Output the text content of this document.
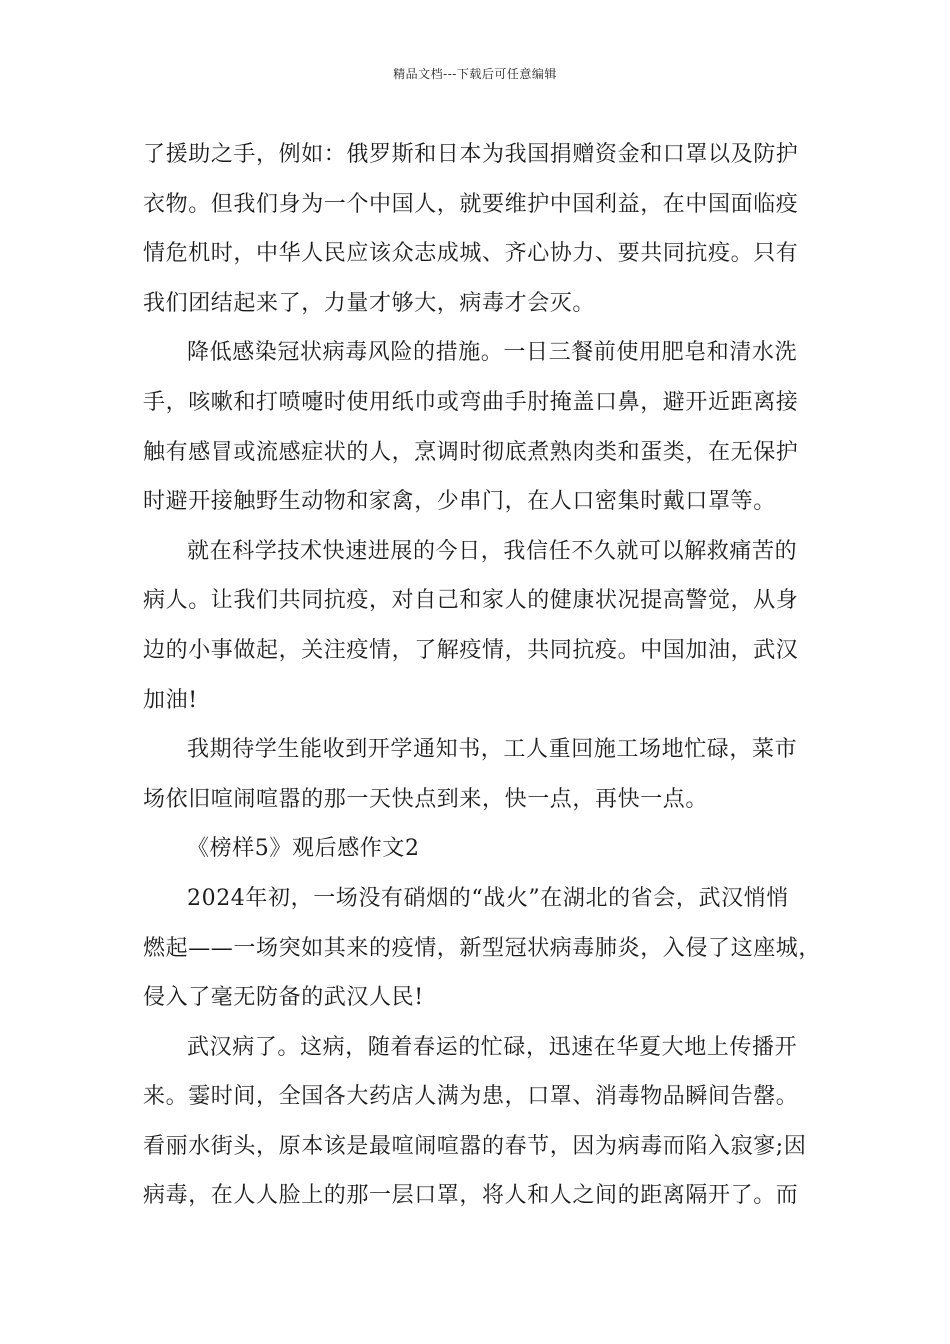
精品文档---下载后可任意编辑
了援助之手，例如：俄罗斯和日本为我国捐赠资金和口罩以及防护
衣物。但我们身为一个中国人，就要维护中国利益，在中国面临疫
情危机时，中华人民应该众志成城、齐心协力、要共同抗疫。只有
我们团结起来了，力量才够大，病毒才会灭。
降低感染冠状病毒风险的措施。一日三餐前使用肥皂和清水洗
手，咳嗽和打喷嚏时使用纸巾或弯曲手肘掩盖口鼻，避开近距离接
触有感冒或流感症状的人，烹调时彻底煮熟肉类和蛋类，在无保护
时避开接触野生动物和家禽，少串门，在人口密集时戴口罩等。
就在科学技术快速进展的今日，我信任不久就可以解救痛苦的
病人。让我们共同抗疫，对自己和家人的健康状况提高警觉，从身
边的小事做起，关注疫情，了解疫情，共同抗疫。中国加油，武汉
加油!
我期待学生能收到开学通知书，工人重回施工场地忙碌，菜市
场依旧喧闹喧嚣的那一天快点到来，快一点，再快一点。
《榜样5》观后感作文2
2024年初，一场没有硝烟的“战火”在湖北的省会，武汉悄悄
燃起——一场突如其来的疫情，新型冠状病毒肺炎，入侵了这座城，
侵入了毫无防备的武汉人民!
武汉病了。这病，随着春运的忙碌，迅速在华夏大地上传播开
来。霎时间，全国各大药店人满为患，口罩、消毒物品瞬间告罄。
看丽水街头，原本该是最喧闹喧嚣的春节，因为病毒而陷入寂寥;因
病毒，在人人脸上的那一层口罩，将人和人之间的距离隔开了。而
